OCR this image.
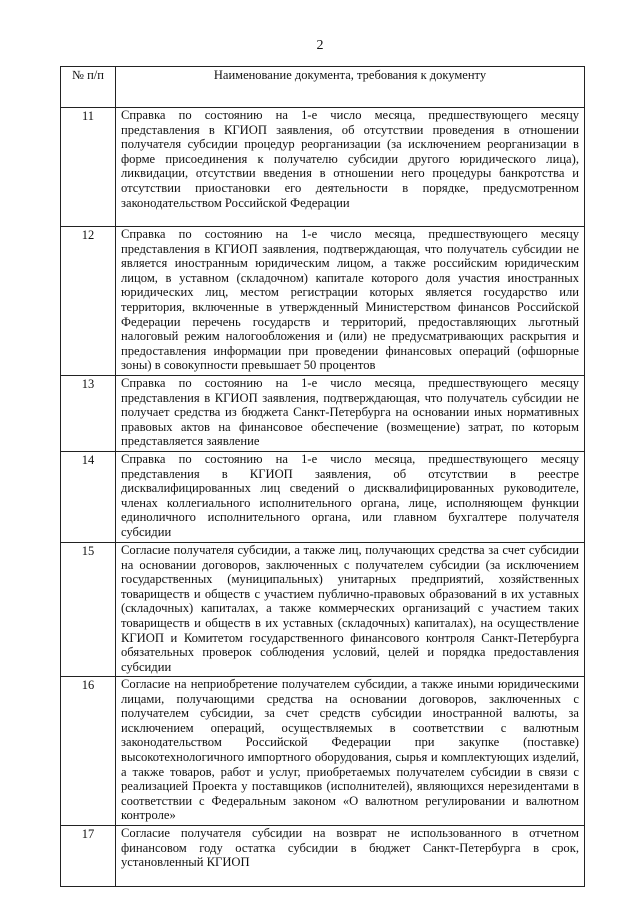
2
№ п/п	Наименование документа, требования к документу
11	Справка по состоянию на 1-е число месяца, предшествующего месяцу представления в КГИОП заявления, об отсутствии проведения в отношении получателя субсидии процедур реорганизации (за исключением реорганизации в форме присоединения к получателю субсидии другого юридического лица), ликвидации, отсутствии введения в отношении него процедуры банкротства и отсутствии приостановки его деятельности в порядке, предусмотренном законодательством Российской Федерации
12	Справка по состоянию на 1-е число месяца, предшествующего месяцу представления в КГИОП заявления, подтверждающая, что получатель субсидии не является иностранным юридическим лицом, а также российским юридическим лицом, в уставном (складочном) капитале которого доля участия иностранных юридических лиц, местом регистрации которых является государство или территория, включенные в утвержденный Министерством финансов Российской Федерации перечень государств и территорий, предоставляющих льготный налоговый режим налогообложения и (или) не предусматривающих раскрытия и предоставления информации при проведении финансовых операций (офшорные зоны) в совокупности превышает 50 процентов
13	Справка по состоянию на 1-е число месяца, предшествующего месяцу представления в КГИОП заявления, подтверждающая, что получатель субсидии не получает средства из бюджета Санкт-Петербурга на основании иных нормативных правовых актов на финансовое обеспечение (возмещение) затрат, по которым представляется заявление
14	Справка по состоянию на 1-е число месяца, предшествующего месяцу представления в КГИОП заявления, об отсутствии в реестре дисквалифицированных лиц сведений о дисквалифицированных руководителе, членах коллегиального исполнительного органа, лице, исполняющем функции единоличного исполнительного органа, или главном бухгалтере получателя субсидии
15	Согласие получателя субсидии, а также лиц, получающих средства за счет субсидии на основании договоров, заключенных с получателем субсидии (за исключением государственных (муниципальных) унитарных предприятий, хозяйственных товариществ и обществ с участием публично-правовых образований в их уставных (складочных) капиталах, а также коммерческих организаций с участием таких товариществ и обществ в их уставных (складочных) капиталах), на осуществление КГИОП и Комитетом государственного финансового контроля Санкт-Петербурга обязательных проверок соблюдения условий, целей и порядка предоставления субсидии
16	Согласие на неприобретение получателем субсидии, а также иными юридическими лицами, получающими средства на основании договоров, заключенных с получателем субсидии, за счет средств субсидии иностранной валюты, за исключением операций, осуществляемых в соответствии с валютным законодательством Российской Федерации при закупке (поставке) высокотехнологичного импортного оборудования, сырья и комплектующих изделий, а также товаров, работ и услуг, приобретаемых получателем субсидии в связи с реализацией Проекта у поставщиков (исполнителей), являющихся нерезидентами в соответствии с Федеральным законом «О валютном регулировании и валютном контроле»
17	Согласие получателя субсидии на возврат не использованного в отчетном финансовом году остатка субсидии в бюджет Санкт-Петербурга в срок, установленный КГИОП
